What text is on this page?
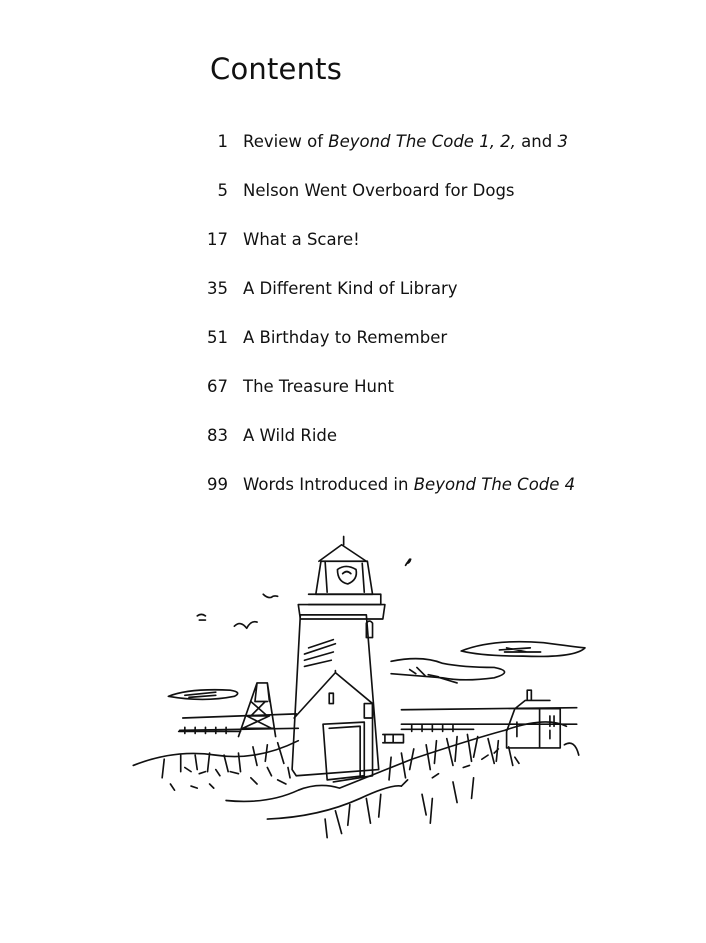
Contents
1 Review of Beyond The Code 1, 2, and 3
5 Nelson Went Overboard for Dogs
17 What a Scare!
35 A Different Kind of Library
51 A Birthday to Remember
67 The Treasure Hunt
83 A Wild Ride
99 Words Introduced in Beyond The Code 4
